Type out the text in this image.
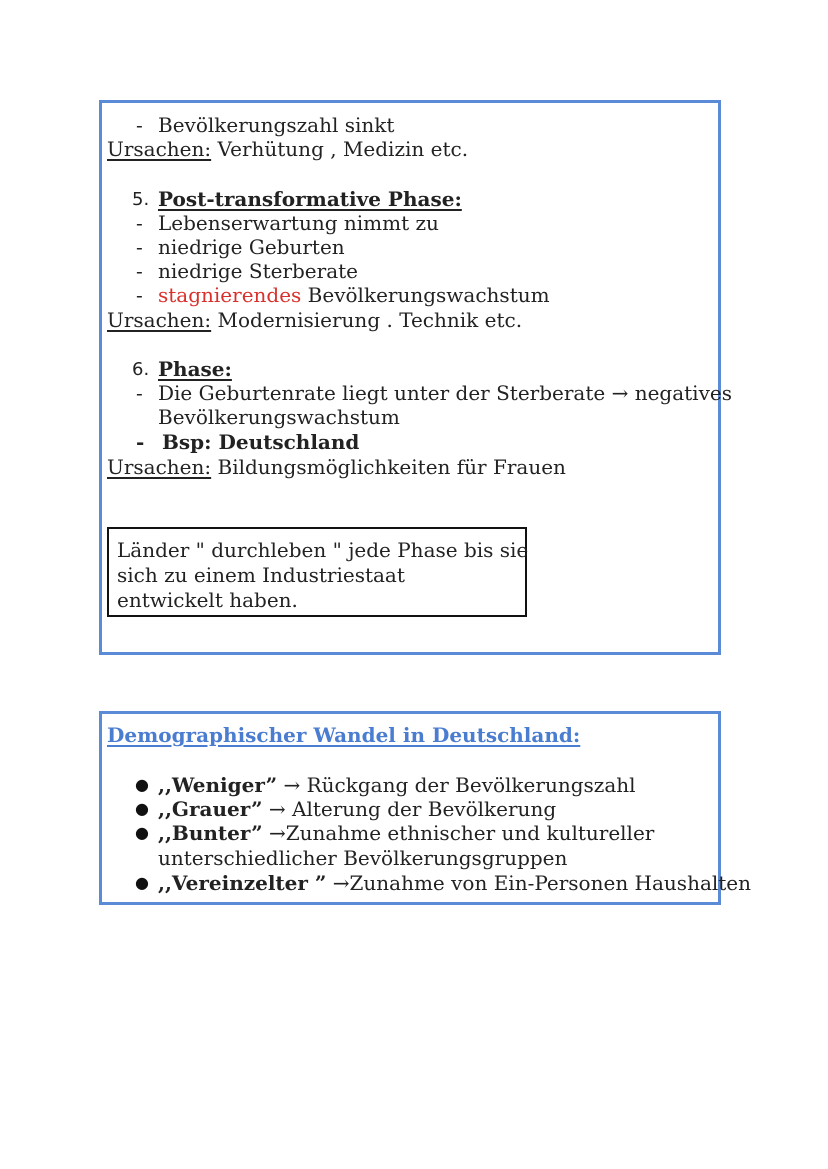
- Bevölkerungszahl sinkt
Ursachen: Verhütung , Medizin etc.
5. Post-transformative Phase:
- Lebenserwartung nimmt zu
- niedrige Geburten
- niedrige Sterberate
- stagnierendes Bevölkerungswachstum
Ursachen: Modernisierung . Technik etc.
6. Phase:
- Die Geburtenrate liegt unter der Sterberate → negatives
Bevölkerungswachstum
- Bsp: Deutschland
Ursachen: Bildungsmöglichkeiten für Frauen
Länder " durchleben " jede Phase bis sie
sich zu einem Industriestaat
entwickelt haben.
Demographischer Wandel in Deutschland:
● ,,Weniger” → Rückgang der Bevölkerungszahl
● ,,Grauer” → Alterung der Bevölkerung
● ,,Bunter” →Zunahme ethnischer und kultureller
unterschiedlicher Bevölkerungsgruppen
● ,,Vereinzelter ” →Zunahme von Ein-Personen Haushalten
